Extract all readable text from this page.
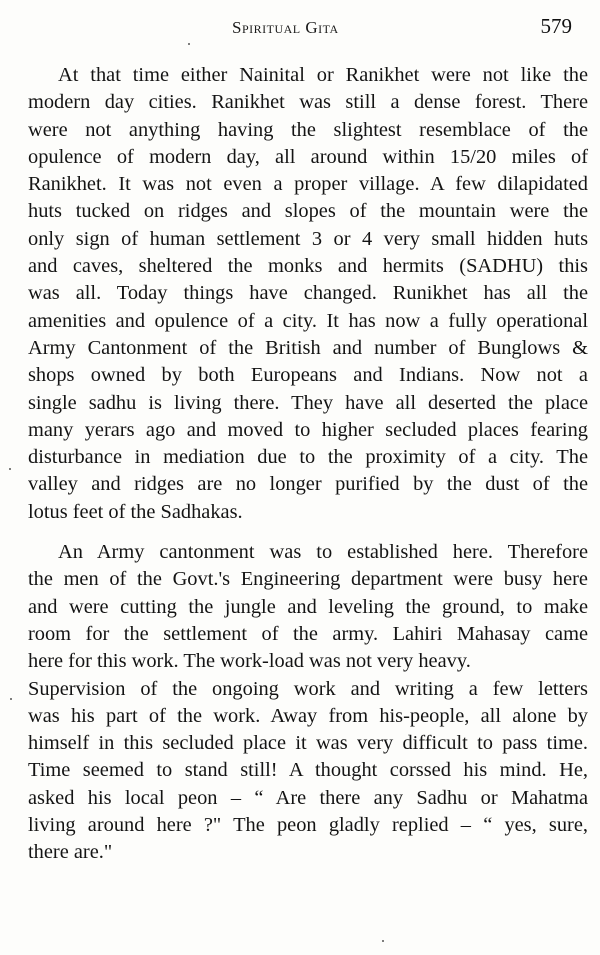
Spiritual Gita	579
At that time either Nainital or Ranikhet were not like the
modern day cities. Ranikhet was still a dense forest. There
were not anything having the slightest resemblace of the
opulence of modern day, all around within 15/20 miles of
Ranikhet. It was not even a proper village. A few dilapidated
huts tucked on ridges and slopes of the mountain were the
only sign of human settlement 3 or 4 very small hidden huts
and caves, sheltered the monks and hermits (SADHU) this
was all. Today things have changed. Runikhet has all the
amenities and opulence of a city. It has now a fully operational
Army Cantonment of the British and number of Bunglows &
shops owned by both Europeans and Indians. Now not a
single sadhu is living there. They have all deserted the place
many yerars ago and moved to higher secluded places fearing
disturbance in mediation due to the proximity of a city. The
valley and ridges are no longer purified by the dust of the
lotus feet of the Sadhakas.
An Army cantonment was to established here. Therefore
the men of the Govt.'s Engineering department were busy here
and were cutting the jungle and leveling the ground, to make
room for the settlement of the army. Lahiri Mahasay came
here for this work. The work-load was not very heavy.
Supervision of the ongoing work and writing a few letters
was his part of the work. Away from his-people, all alone by
himself in this secluded place it was very difficult to pass time.
Time seemed to stand still! A thought corssed his mind. He,
asked his local peon – “ Are there any Sadhu or Mahatma
living around here ?" The peon gladly replied – “ yes, sure,
there are."
